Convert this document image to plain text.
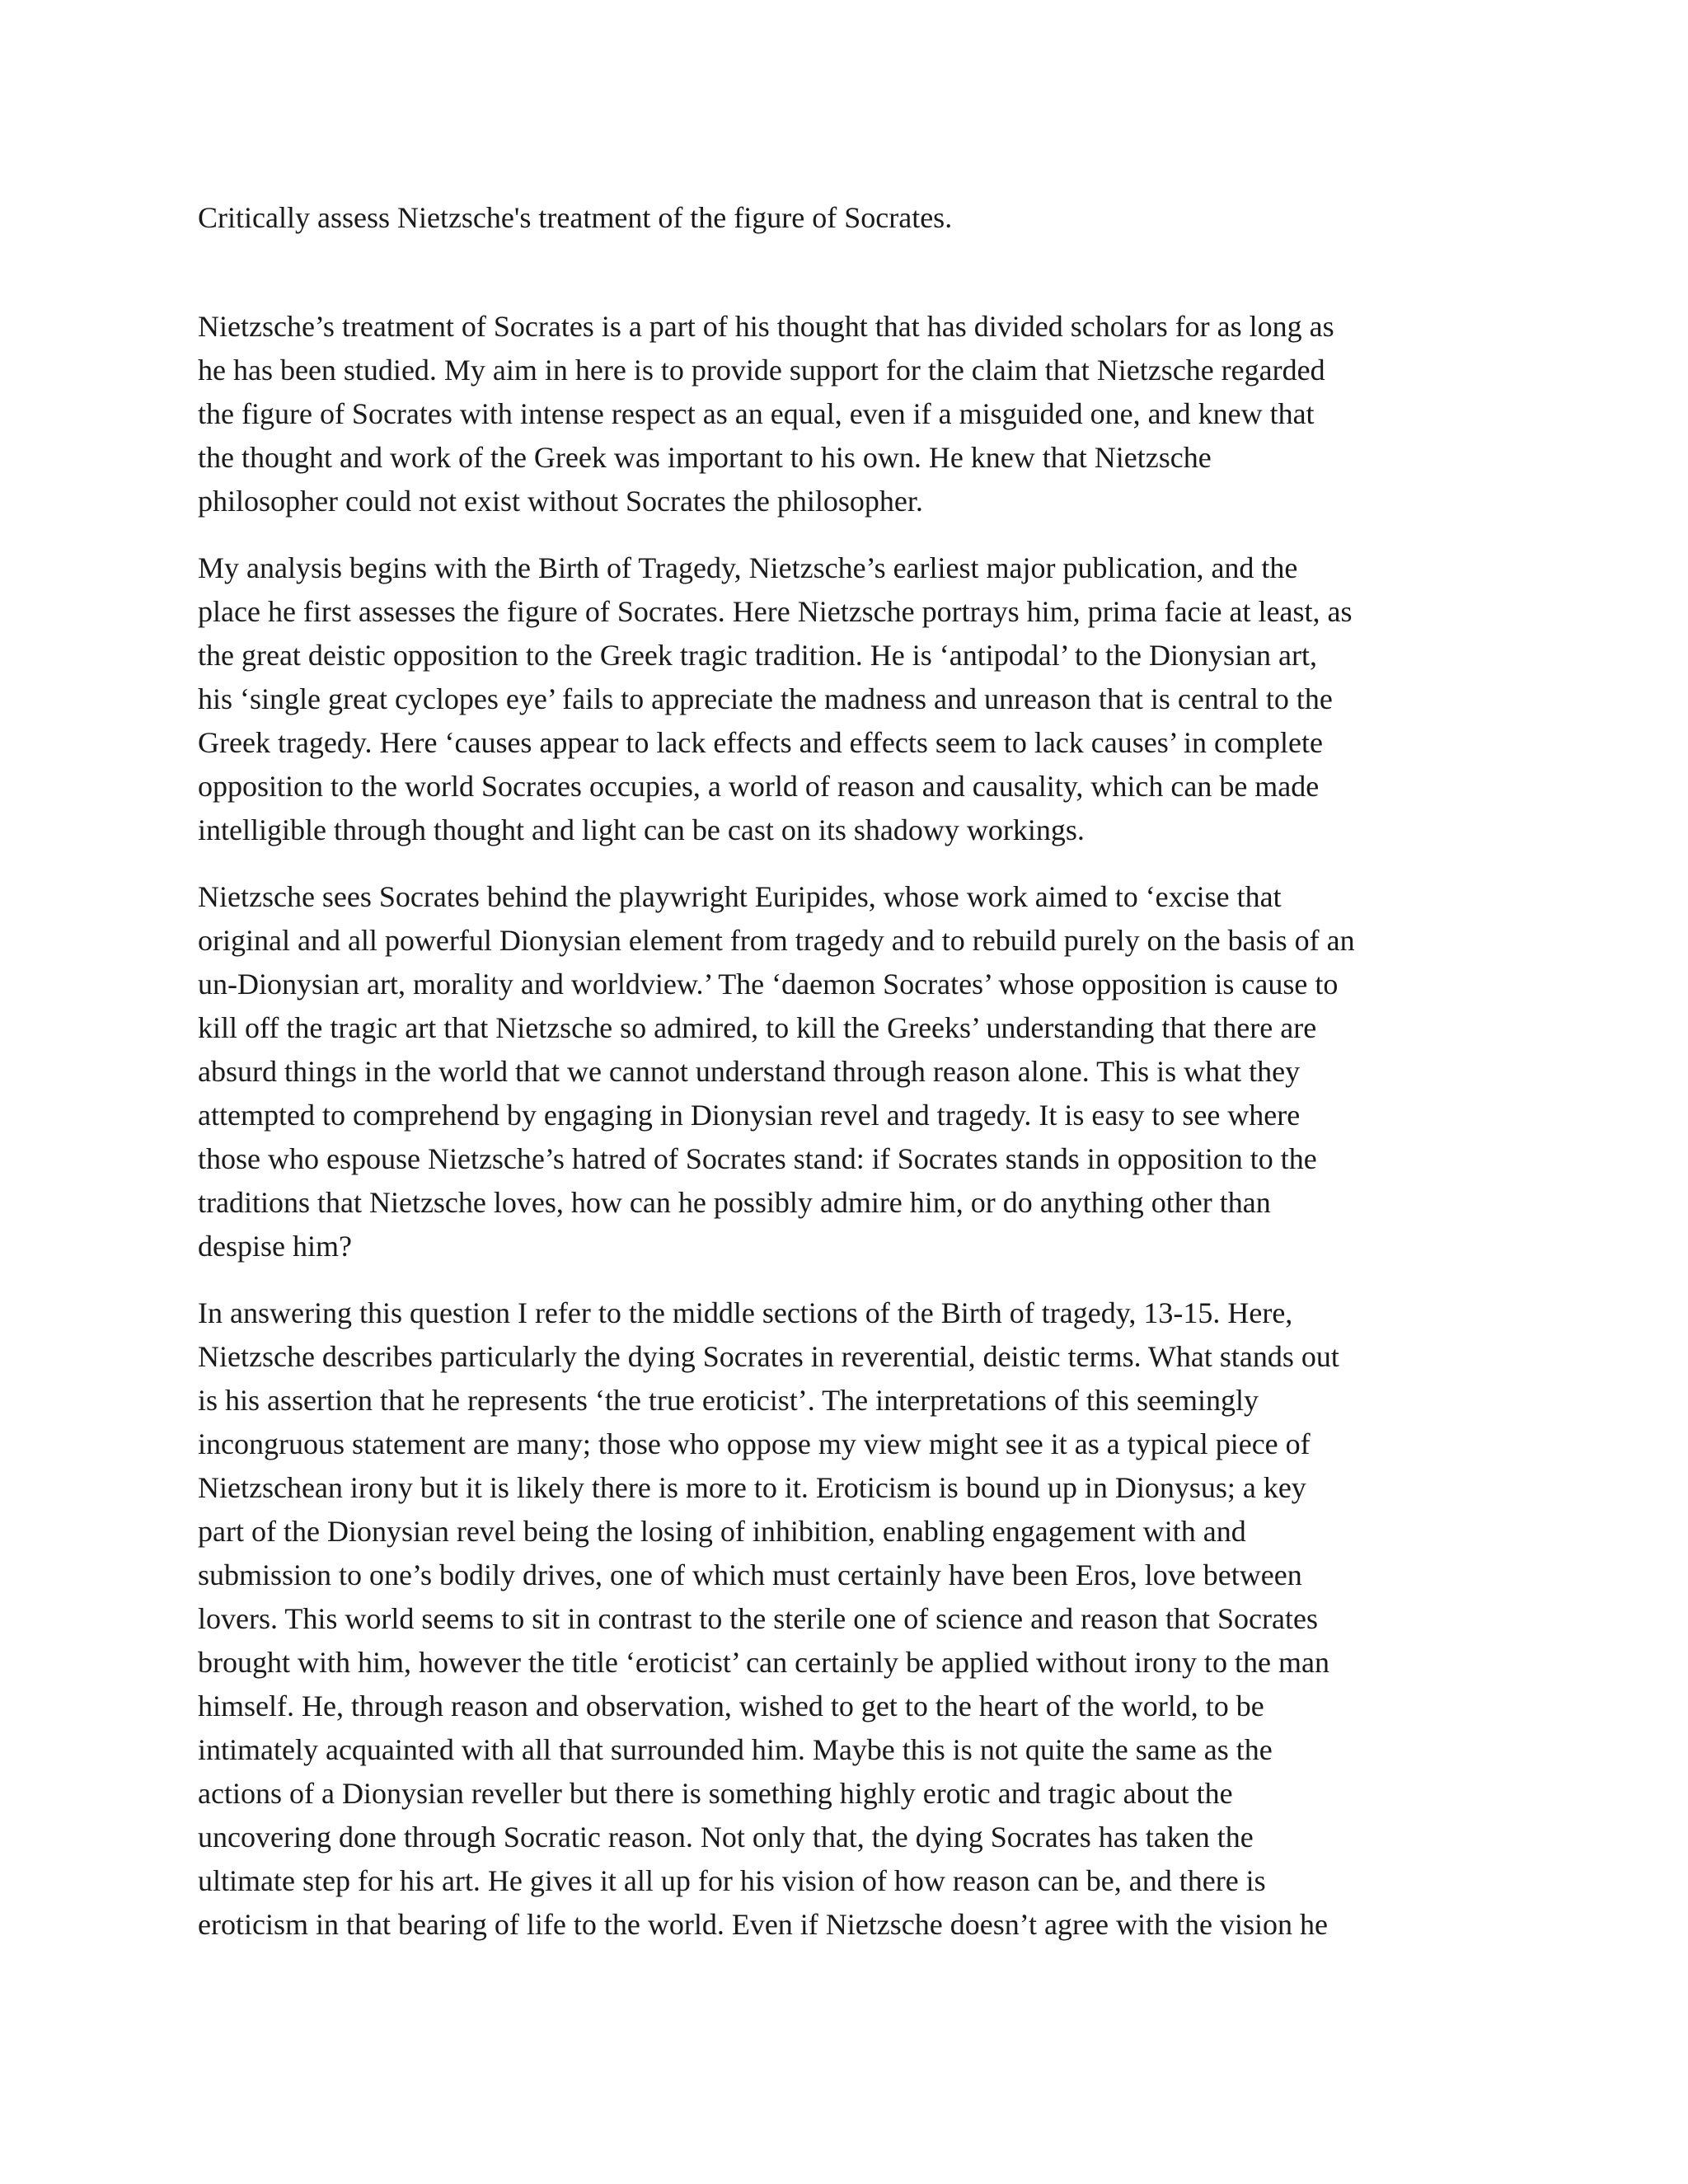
Critically assess Nietzsche's treatment of the figure of Socrates.
Nietzsche’s treatment of Socrates is a part of his thought that has divided scholars for as long as
he has been studied. My aim in here is to provide support for the claim that Nietzsche regarded
the figure of Socrates with intense respect as an equal, even if a misguided one, and knew that
the thought and work of the Greek was important to his own. He knew that Nietzsche
philosopher could not exist without Socrates the philosopher.
My analysis begins with the Birth of Tragedy, Nietzsche’s earliest major publication, and the
place he first assesses the figure of Socrates. Here Nietzsche portrays him, prima facie at least, as
the great deistic opposition to the Greek tragic tradition. He is ‘antipodal’ to the Dionysian art,
his ‘single great cyclopes eye’ fails to appreciate the madness and unreason that is central to the
Greek tragedy. Here ‘causes appear to lack effects and effects seem to lack causes’ in complete
opposition to the world Socrates occupies, a world of reason and causality, which can be made
intelligible through thought and light can be cast on its shadowy workings.
Nietzsche sees Socrates behind the playwright Euripides, whose work aimed to ‘excise that
original and all powerful Dionysian element from tragedy and to rebuild purely on the basis of an
un-Dionysian art, morality and worldview.’ The ‘daemon Socrates’ whose opposition is cause to
kill off the tragic art that Nietzsche so admired, to kill the Greeks’ understanding that there are
absurd things in the world that we cannot understand through reason alone. This is what they
attempted to comprehend by engaging in Dionysian revel and tragedy. It is easy to see where
those who espouse Nietzsche’s hatred of Socrates stand: if Socrates stands in opposition to the
traditions that Nietzsche loves, how can he possibly admire him, or do anything other than
despise him?
In answering this question I refer to the middle sections of the Birth of tragedy, 13-15. Here,
Nietzsche describes particularly the dying Socrates in reverential, deistic terms. What stands out
is his assertion that he represents ‘the true eroticist’. The interpretations of this seemingly
incongruous statement are many; those who oppose my view might see it as a typical piece of
Nietzschean irony but it is likely there is more to it. Eroticism is bound up in Dionysus; a key
part of the Dionysian revel being the losing of inhibition, enabling engagement with and
submission to one’s bodily drives, one of which must certainly have been Eros, love between
lovers. This world seems to sit in contrast to the sterile one of science and reason that Socrates
brought with him, however the title ‘eroticist’ can certainly be applied without irony to the man
himself. He, through reason and observation, wished to get to the heart of the world, to be
intimately acquainted with all that surrounded him. Maybe this is not quite the same as the
actions of a Dionysian reveller but there is something highly erotic and tragic about the
uncovering done through Socratic reason. Not only that, the dying Socrates has taken the
ultimate step for his art. He gives it all up for his vision of how reason can be, and there is
eroticism in that bearing of life to the world. Even if Nietzsche doesn’t agree with the vision he
